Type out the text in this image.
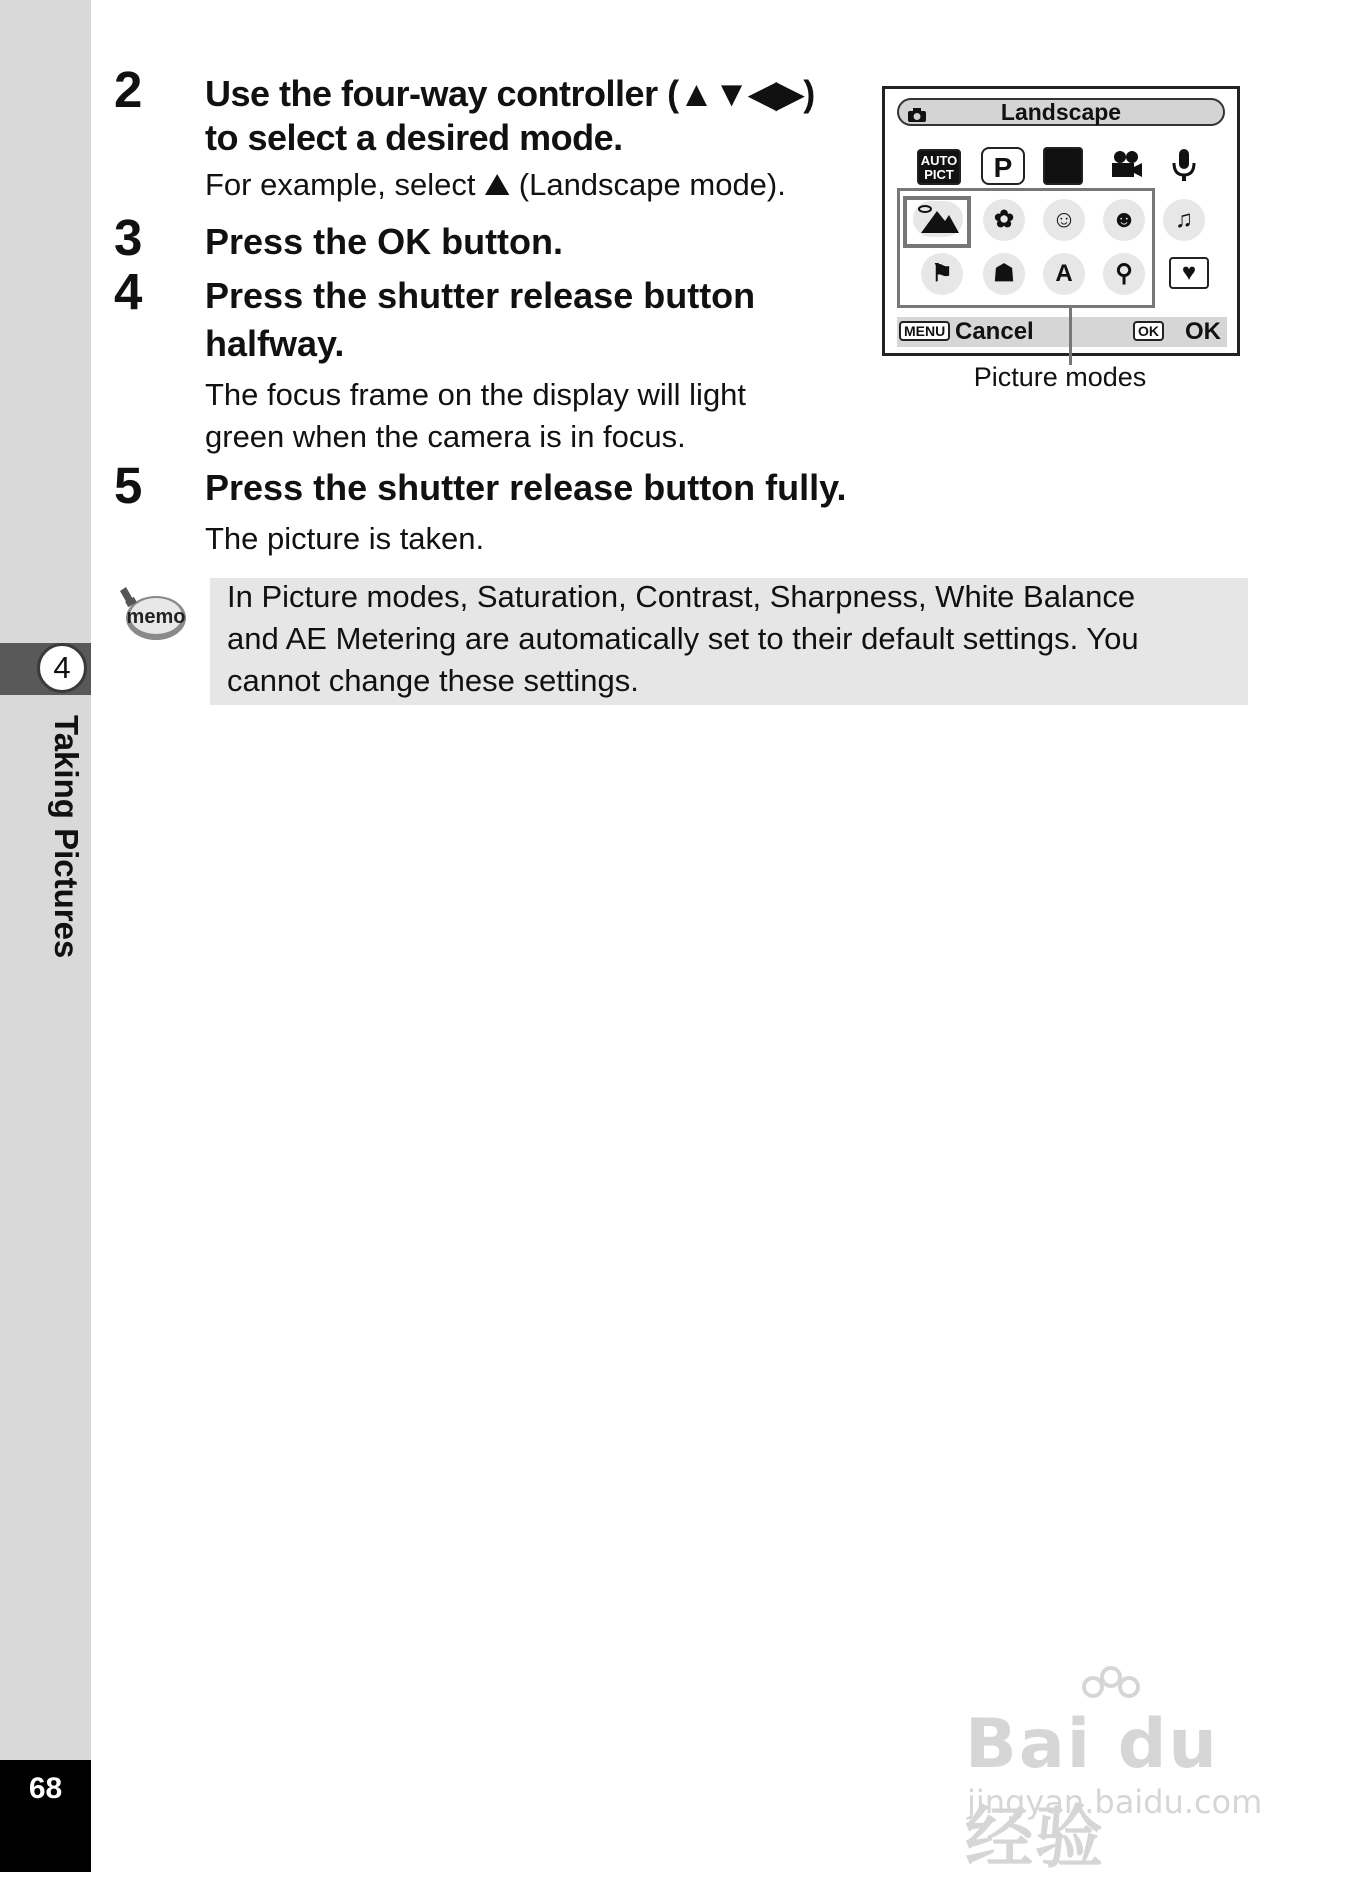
4
Taking Pictures
68
2 Use the four-way controller (▲▼◀▶)
to select a desired mode.
For example, select ⛰ (Landscape mode).
3 Press the OK button.
4 Press the shutter release button
halfway.
The focus frame on the display will light
green when the camera is in focus.
5 Press the shutter release button fully.
The picture is taken.
memo
In Picture modes, Saturation, Contrast, Sharpness, White Balance
and AE Metering are automatically set to their default settings. You
cannot change these settings.
Landscape
AUTO PICT	P
✿	☺	☻	♫
⚑	☗	A	⚲	♥
MENU Cancel	OK OK
Picture modes
Bai du 经验
jingyan.baidu.com
